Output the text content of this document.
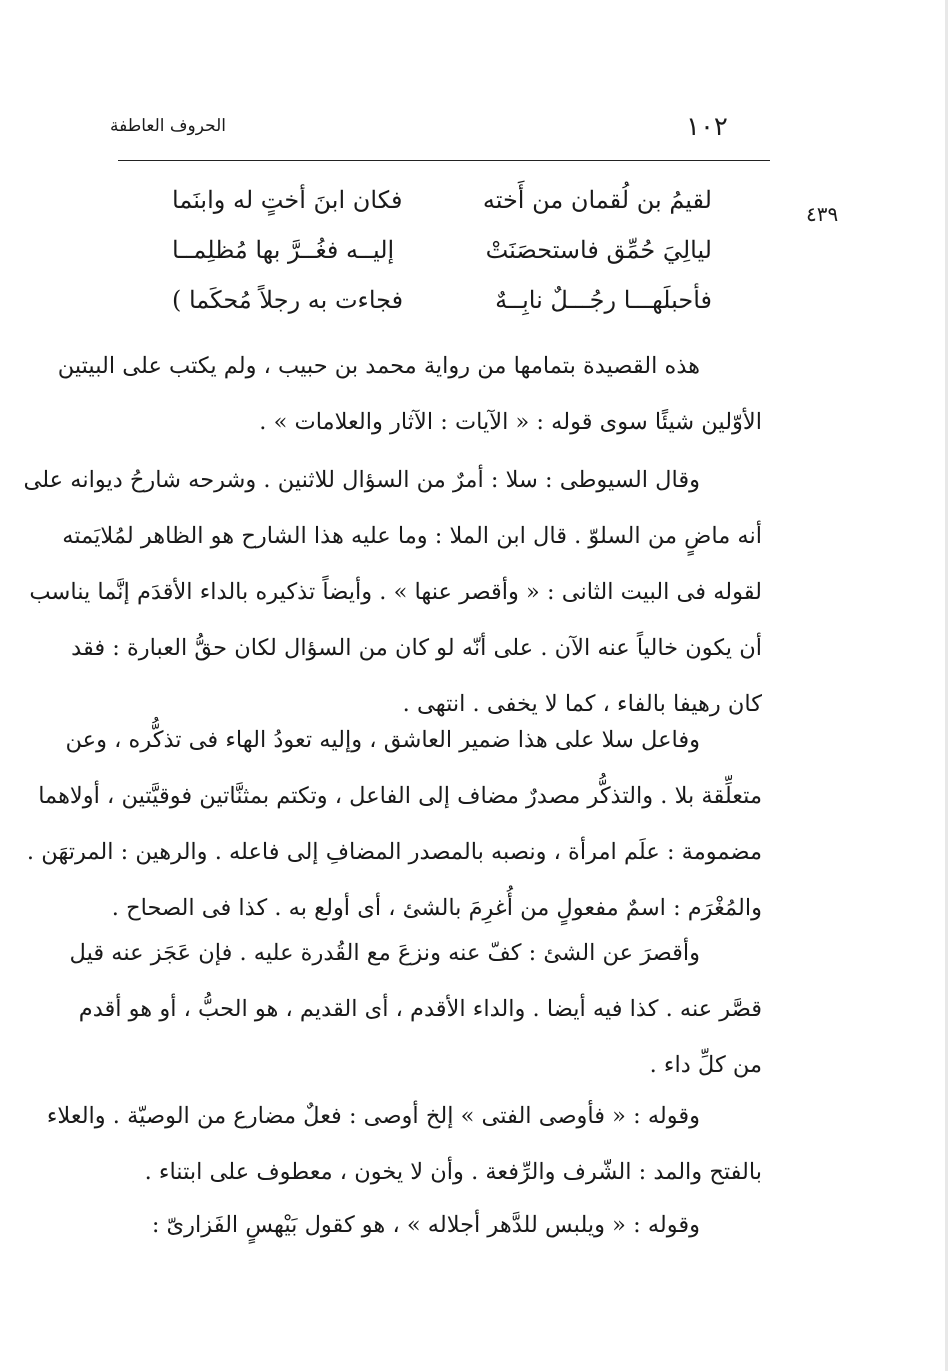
١٠٢
الحروف العاطفة
٤٣٩
لقيمُ بن لُقمان من أَخته
فكان ابنَ أختٍ له وابنَما
ليالِيَ حُمِّق فاستحصَنَتْ
إليــه فغُــرَّ بها مُظلِمــا
فأحبلَهـــا رجُـــلٌ نابِــهٌ
فجاءت به رجلاً مُحكَما )
هذه القصيدة بتمامها من رواية محمد بن حبيب ، ولم يكتب على البيتين
الأوّلين شيئًا سوى قوله : « الآيات : الآثار والعلامات » .
وقال السيوطى : سلا : أمرٌ من السؤال للاثنين . وشرحه شارحُ ديوانه على
أنه ماضٍ من السلوّ . قال ابن الملا : وما عليه هذا الشارح هو الظاهر لمُلايَمته
لقوله فى البيت الثانى : « وأقصر عنها » . وأيضاً تذكيره بالداء الأقدَم إنَّما يناسب
أن يكون خالياً عنه الآن . على أنّه لو كان من السؤال لكان حقُّ العبارة : فقد
كان رهيفا بالفاء ، كما لا يخفى . انتهى .
وفاعل سلا على هذا ضمير العاشق ، وإليه تعودُ الهاء فى تذكُّره ، وعن
متعلِّقة بلا . والتذكُّر مصدرٌ مضاف إلى الفاعل ، وتكتم بمثنَّاتين فوقيَّتين ، أولاهما
مضمومة : علَم امرأة ، ونصبه بالمصدر المضافِ إلى فاعله . والرهين : المرتهَن .
والمُغْرَم : اسمٌ مفعولٍ من أُغرِمَ بالشئ ، أى أولع به . كذا فى الصحاح .
وأقصرَ عن الشئ : كفّ عنه ونزعَ مع القُدرة عليه . فإن عَجَز عنه قيل
قصَّر عنه . كذا فيه أيضا . والداء الأقدم ، أى القديم ، هو الحبُّ ، أو هو أقدم
من كلِّ داء .
وقوله : « فأوصى الفتى » إلخ أوصى : فعلٌ مضارع من الوصيّة . والعلاء
بالفتح والمد : الشّرف والرِّفعة . وأن لا يخون ، معطوف على ابتناء .
وقوله : « ويلبس للدَّهر أجلاله » ، هو كقول بَيْهسٍ الفَزارىّ :
